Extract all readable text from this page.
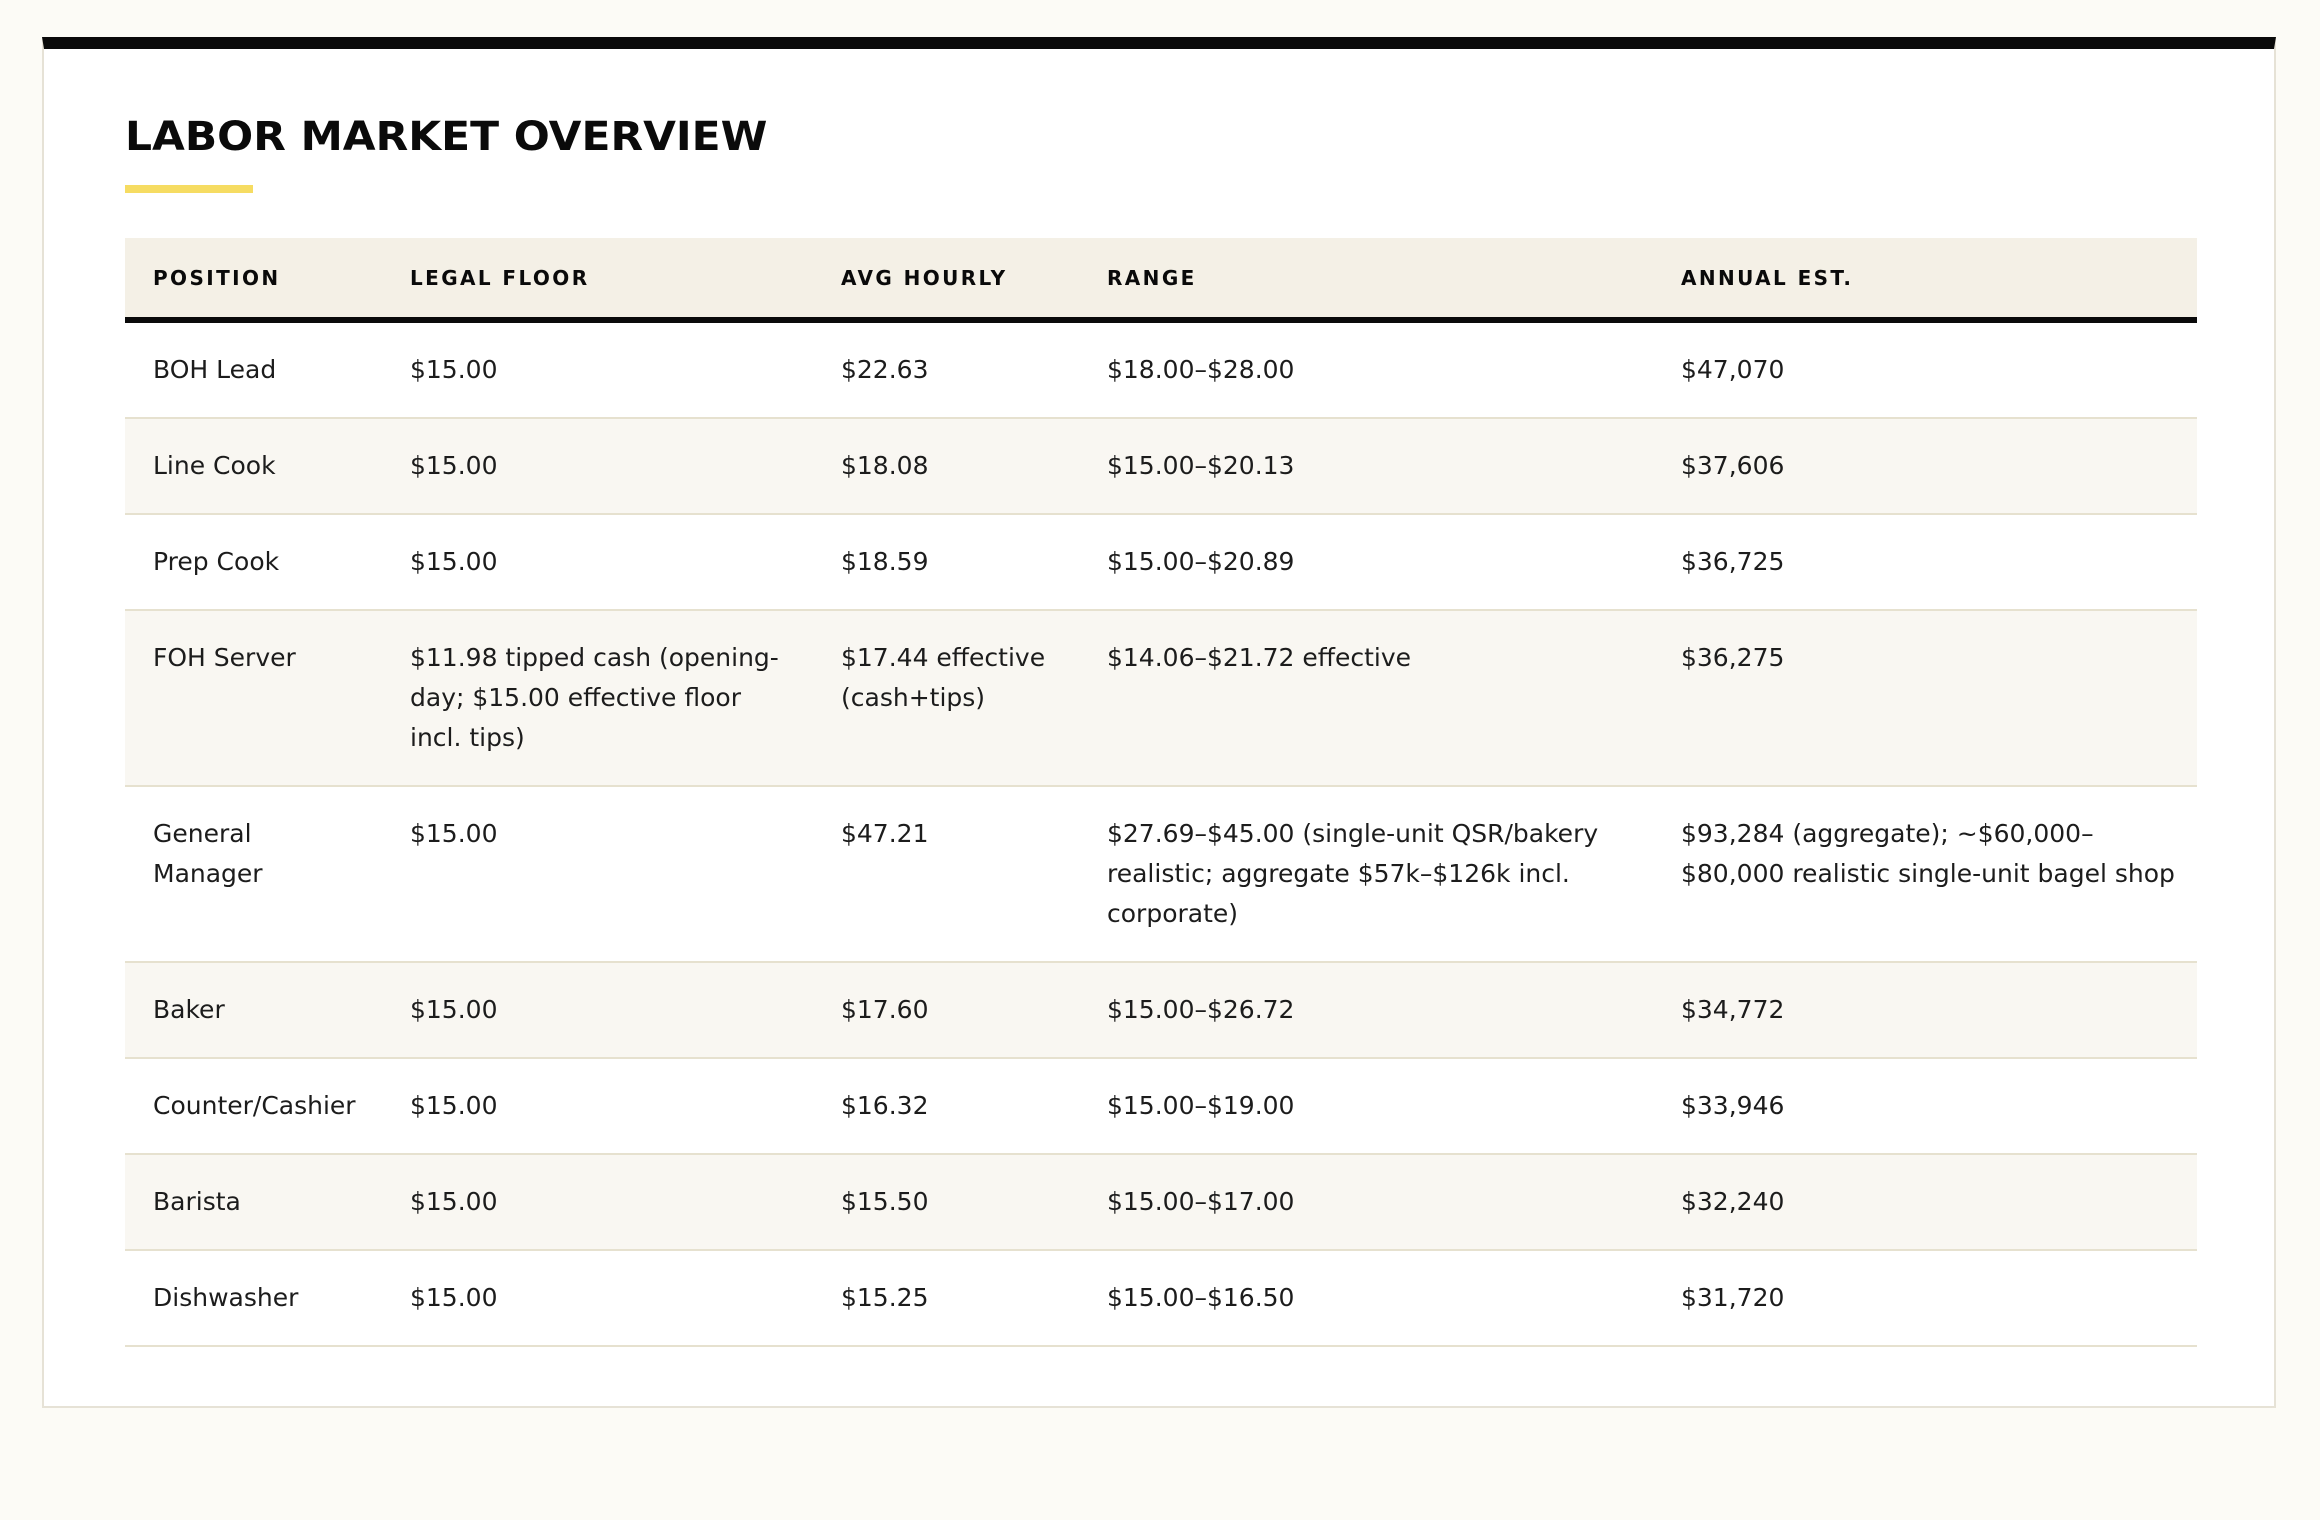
LABOR MARKET OVERVIEW
POSITION	LEGAL FLOOR	AVG HOURLY	RANGE	ANNUAL EST.
BOH Lead	$15.00	$22.63	$18.00–$28.00	$47,070
Line Cook	$15.00	$18.08	$15.00–$20.13	$37,606
Prep Cook	$15.00	$18.59	$15.00–$20.89	$36,725
FOH Server	$11.98 tipped cash (opening-day; $15.00 effective floor incl. tips)	$17.44 effective (cash+tips)	$14.06–$21.72 effective	$36,275
General Manager	$15.00	$47.21	$27.69–$45.00 (single-unit QSR/bakery realistic; aggregate $57k–$126k incl. corporate)	$93,284 (aggregate); ~$60,000–$80,000 realistic single-unit bagel shop
Baker	$15.00	$17.60	$15.00–$26.72	$34,772
Counter/Cashier	$15.00	$16.32	$15.00–$19.00	$33,946
Barista	$15.00	$15.50	$15.00–$17.00	$32,240
Dishwasher	$15.00	$15.25	$15.00–$16.50	$31,720
